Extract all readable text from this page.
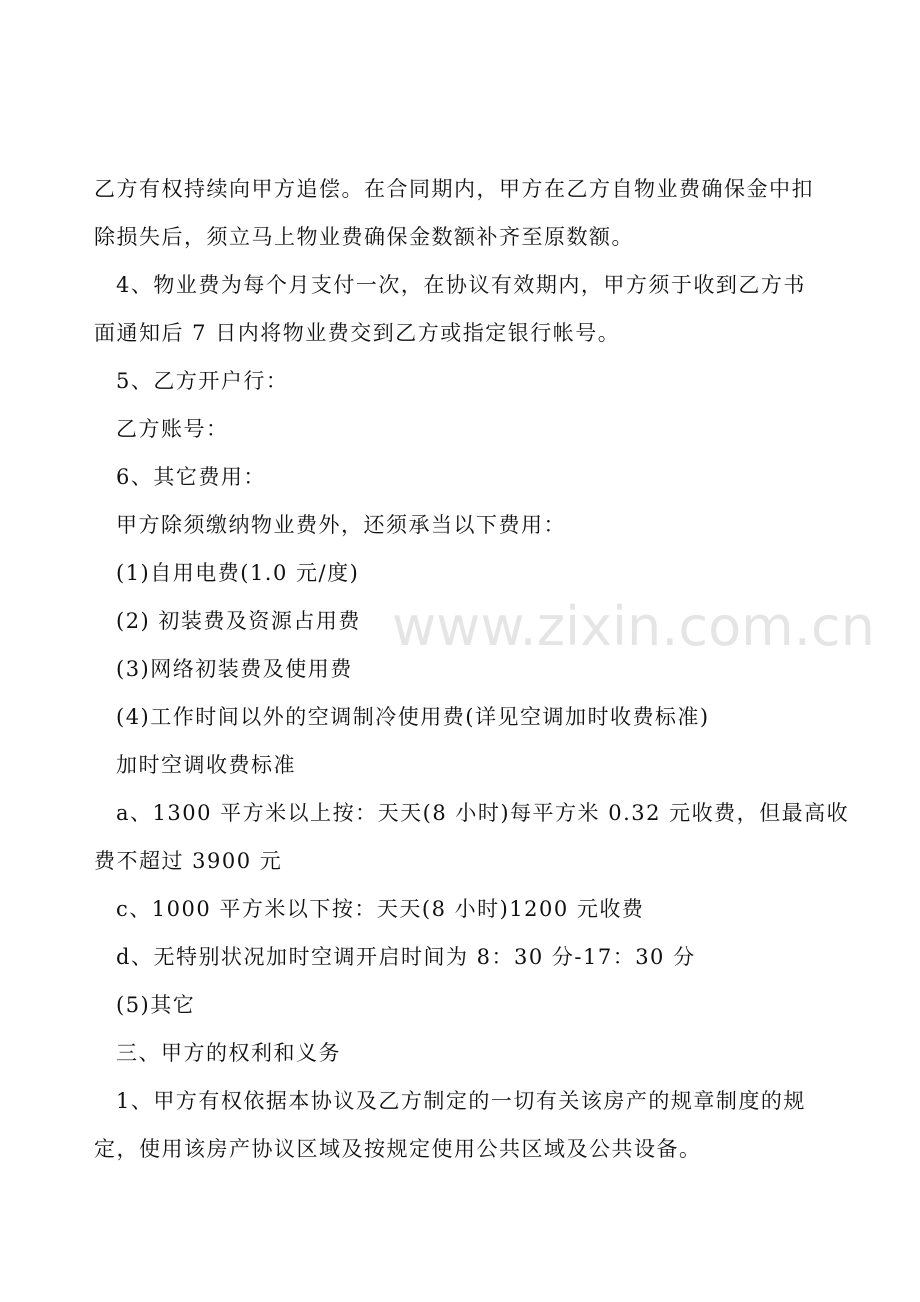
乙方有权持续向甲方追偿。在合同期内，甲方在乙方自物业费确保金中扣

除损失后，须立马上物业费确保金数额补齐至原数额。

4、物业费为每个月支付一次，在协议有效期内，甲方须于收到乙方书

面通知后 7 日内将物业费交到乙方或指定银行帐号。

5、乙方开户行：

乙方账号：

6、其它费用：

甲方除须缴纳物业费外，还须承当以下费用：

(1)自用电费(1.0 元/度)

(2) 初装费及资源占用费

(3)网络初装费及使用费

(4)工作时间以外的空调制冷使用费(详见空调加时收费标准)

加时空调收费标准

a、1300 平方米以上按：天天(8 小时)每平方米 0.32 元收费，但最高收

费不超过 3900 元

c、1000 平方米以下按：天天(8 小时)1200 元收费

d、无特别状况加时空调开启时间为 8：30 分-17：30 分

(5)其它

三、甲方的权利和义务

1、甲方有权依据本协议及乙方制定的一切有关该房产的规章制度的规

定，使用该房产协议区域及按规定使用公共区域及公共设备。

www.zixin.com.cn
